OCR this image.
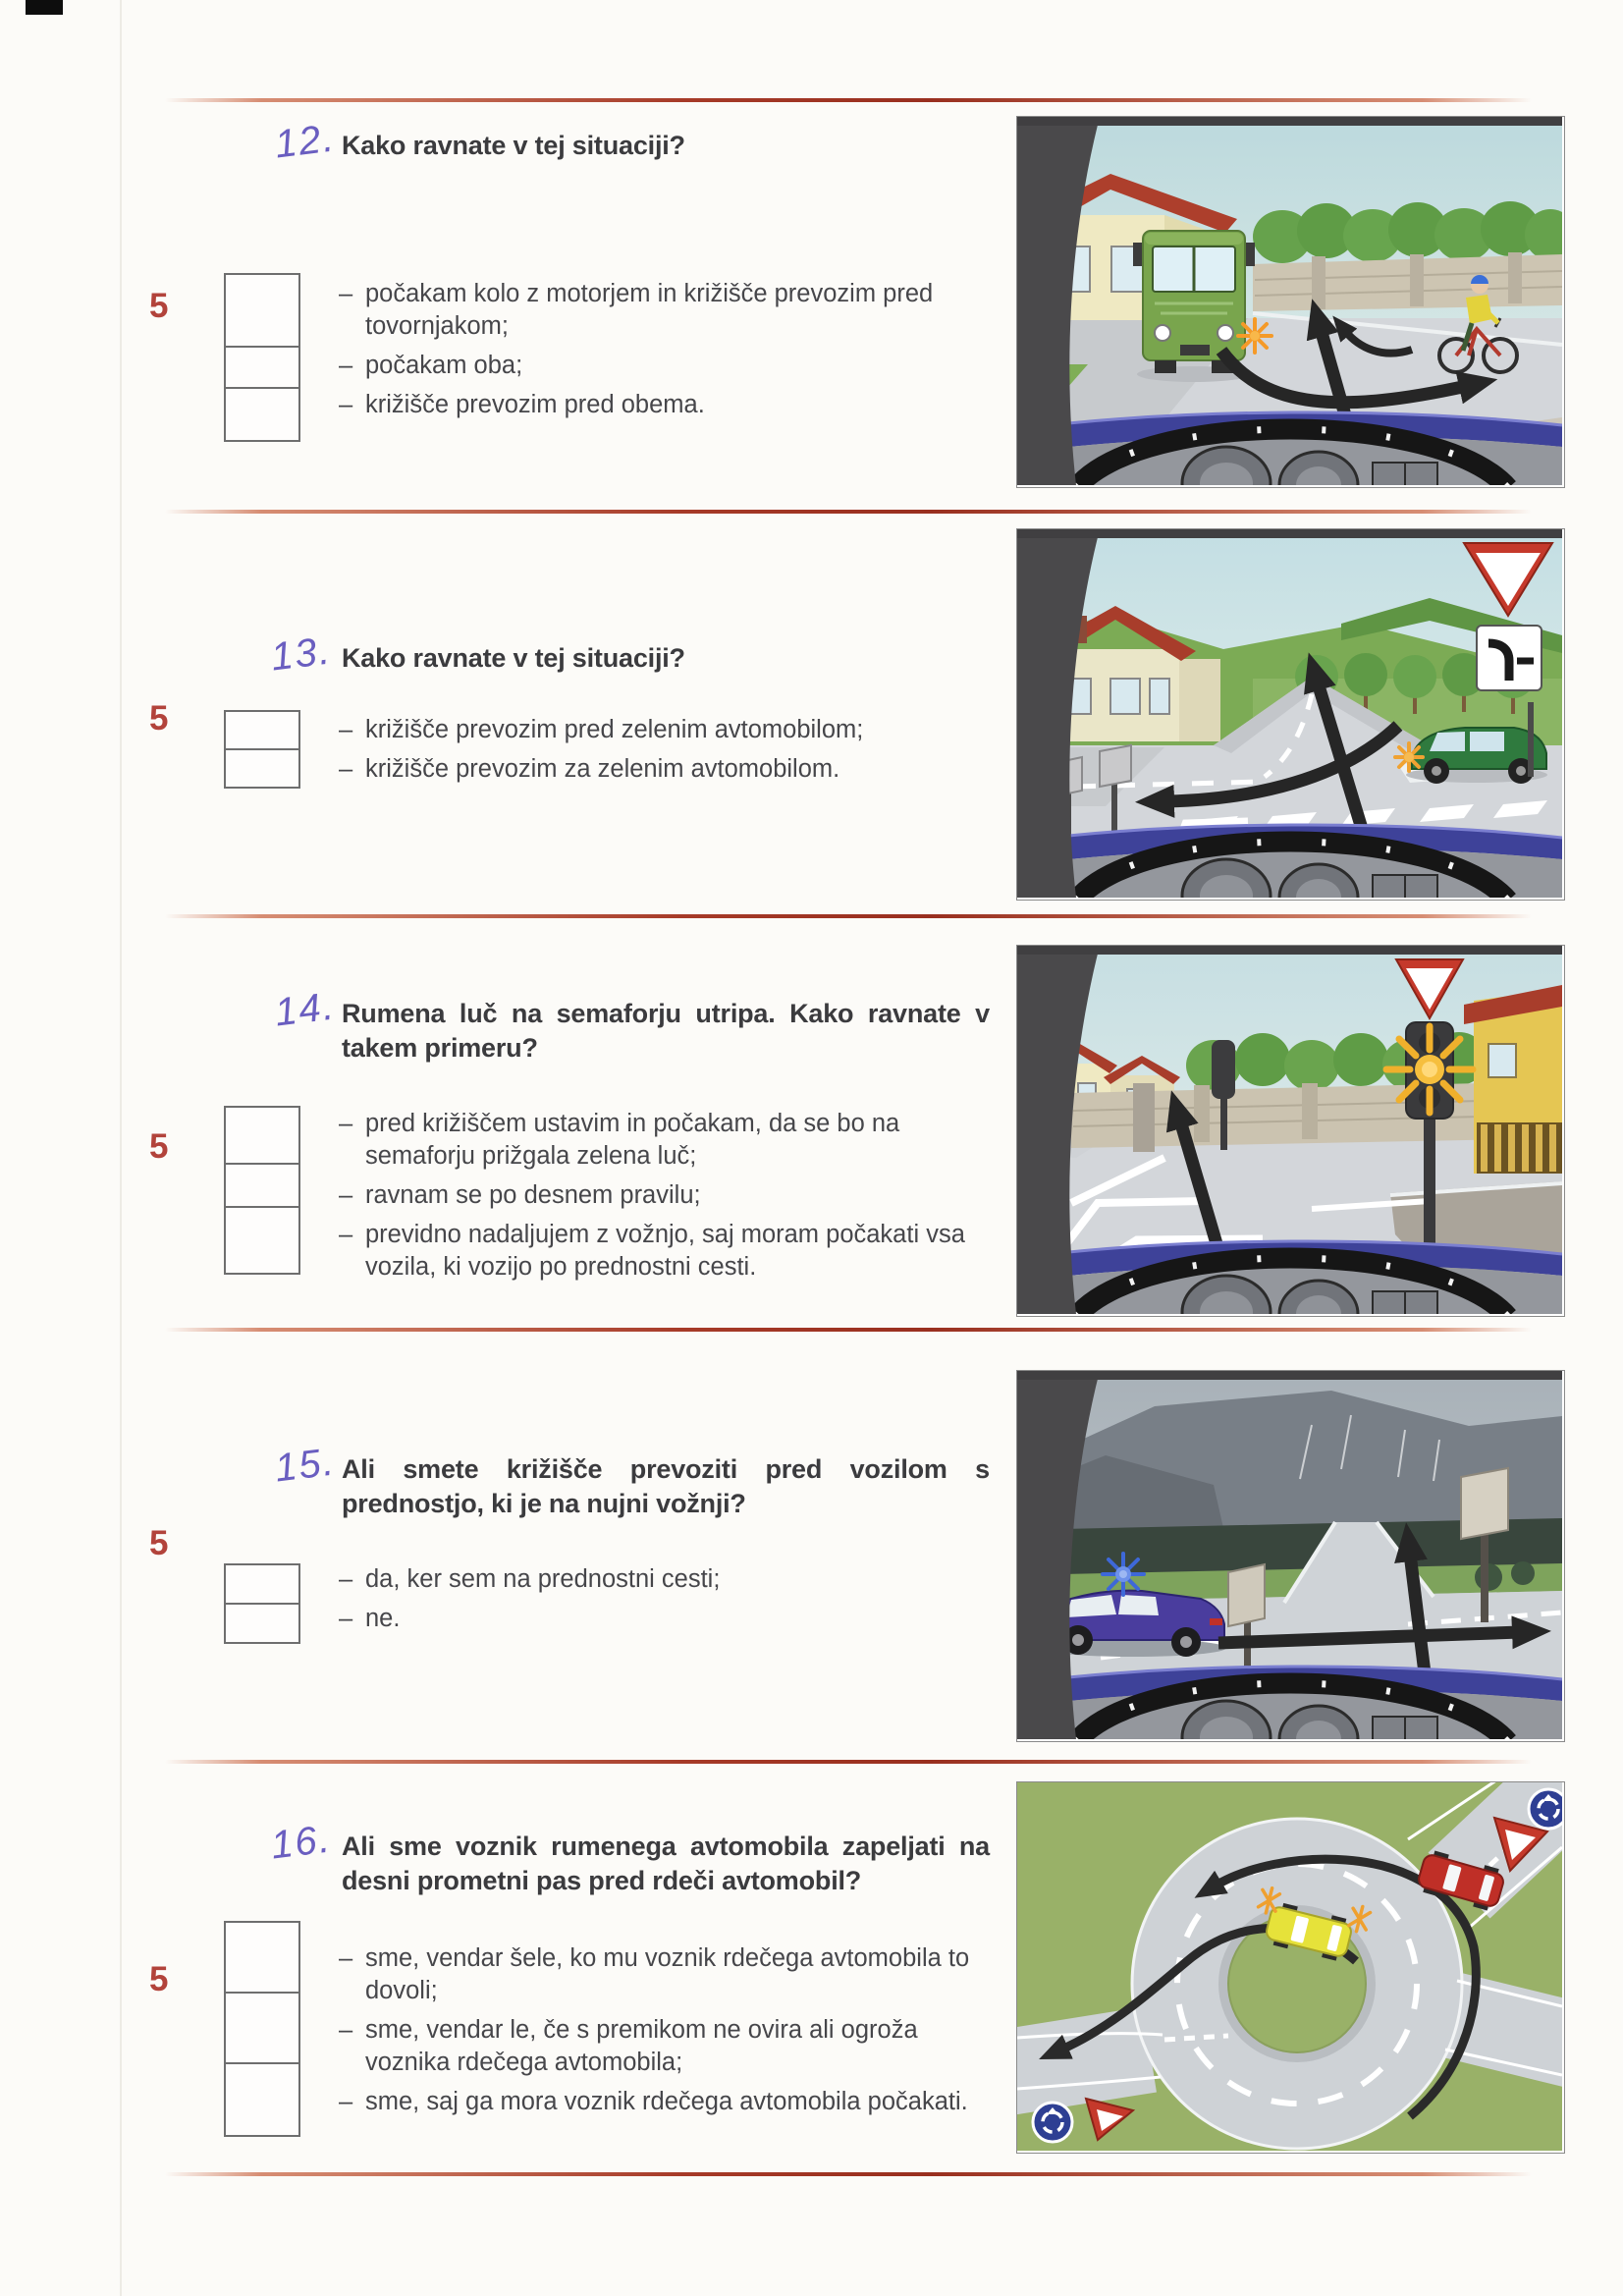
5
12. Kako ravnate v tej situaciji?
– počakam kolo z motorjem in križišče prevozim pred tovornjakom;
– počakam oba;
– križišče prevozim pred obema.
5
13. Kako ravnate v tej situaciji?
– križišče prevozim pred zelenim avtomobilom;
– križišče prevozim za zelenim avtomobilom.
5
14. Rumena luč na semaforju utripa. Kako ravnate v takem primeru?
– pred križiščem ustavim in počakam, da se bo na semaforju prižgala zelena luč;
– ravnam se po desnem pravilu;
– previdno nadaljujem z vožnjo, saj moram počakati vsa vozila, ki vozijo po prednostni cesti.
5
15. Ali smete križišče prevoziti pred vozilom s prednostjo, ki je na nujni vožnji?
– da, ker sem na prednostni cesti;
– ne.
5
16. Ali sme voznik rumenega avtomobila zapeljati na desni prometni pas pred rdeči avtomobil?
– sme, vendar šele, ko mu voznik rdečega avtomobila to dovoli;
– sme, vendar le, če s premikom ne ovira ali ogroža voznika rdečega avtomobila;
– sme, saj ga mora voznik rdečega avtomobila počakati.
